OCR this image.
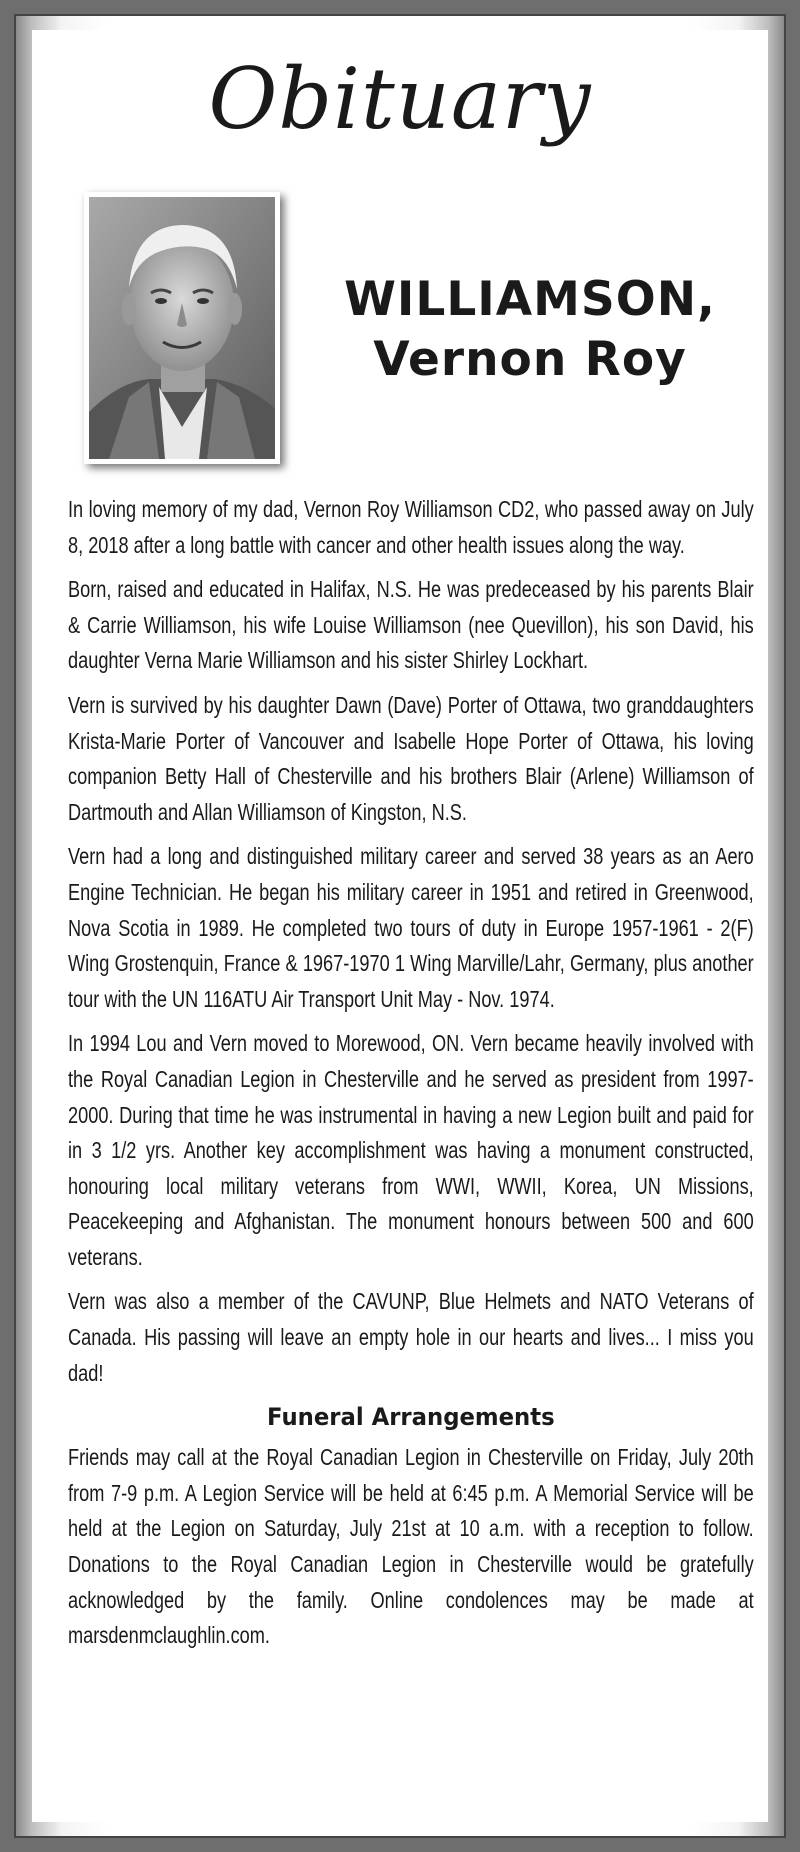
Obituary
WILLIAMSON,
Vernon Roy

In loving memory of my dad, Vernon Roy Williamson CD2, who passed away on July 8, 2018 after a long battle with cancer and other health issues along the way.

Born, raised and educated in Halifax, N.S. He was predeceased by his parents Blair & Carrie Williamson, his wife Louise Williamson (nee Quevillon), his son David, his daughter Verna Marie Williamson and his sister Shirley Lockhart.

Vern is survived by his daughter Dawn (Dave) Porter of Ottawa, two granddaughters Krista-Marie Porter of Vancouver and Isabelle Hope Porter of Ottawa, his loving companion Betty Hall of Chesterville and his brothers Blair (Arlene) Williamson of Dartmouth and Allan Williamson of Kingston, N.S.

Vern had a long and distinguished military career and served 38 years as an Aero Engine Technician. He began his military career in 1951 and retired in Greenwood, Nova Scotia in 1989. He completed two tours of duty in Europe 1957-1961 - 2(F) Wing Grostenquin, France & 1967-1970 1 Wing Marville/Lahr, Germany, plus another tour with the UN 116ATU Air Transport Unit May - Nov. 1974.

In 1994 Lou and Vern moved to Morewood, ON. Vern became heavily involved with the Royal Canadian Legion in Chesterville and he served as president from 1997-2000. During that time he was instrumental in having a new Legion built and paid for in 3 1/2 yrs. Another key accomplishment was having a monument constructed, honouring local military veterans from WWI, WWII, Korea, UN Missions, Peacekeeping and Afghanistan. The monument honours between 500 and 600 veterans.

Vern was also a member of the CAVUNP, Blue Helmets and NATO Veterans of Canada. His passing will leave an empty hole in our hearts and lives... I miss you dad!

Funeral Arrangements

Friends may call at the Royal Canadian Legion in Chesterville on Friday, July 20th from 7-9 p.m. A Legion Service will be held at 6:45 p.m. A Memorial Service will be held at the Legion on Saturday, July 21st at 10 a.m. with a reception to follow. Donations to the Royal Canadian Legion in Chesterville would be gratefully acknowledged by the family. Online condolences may be made at marsdenmclaughlin.com.
